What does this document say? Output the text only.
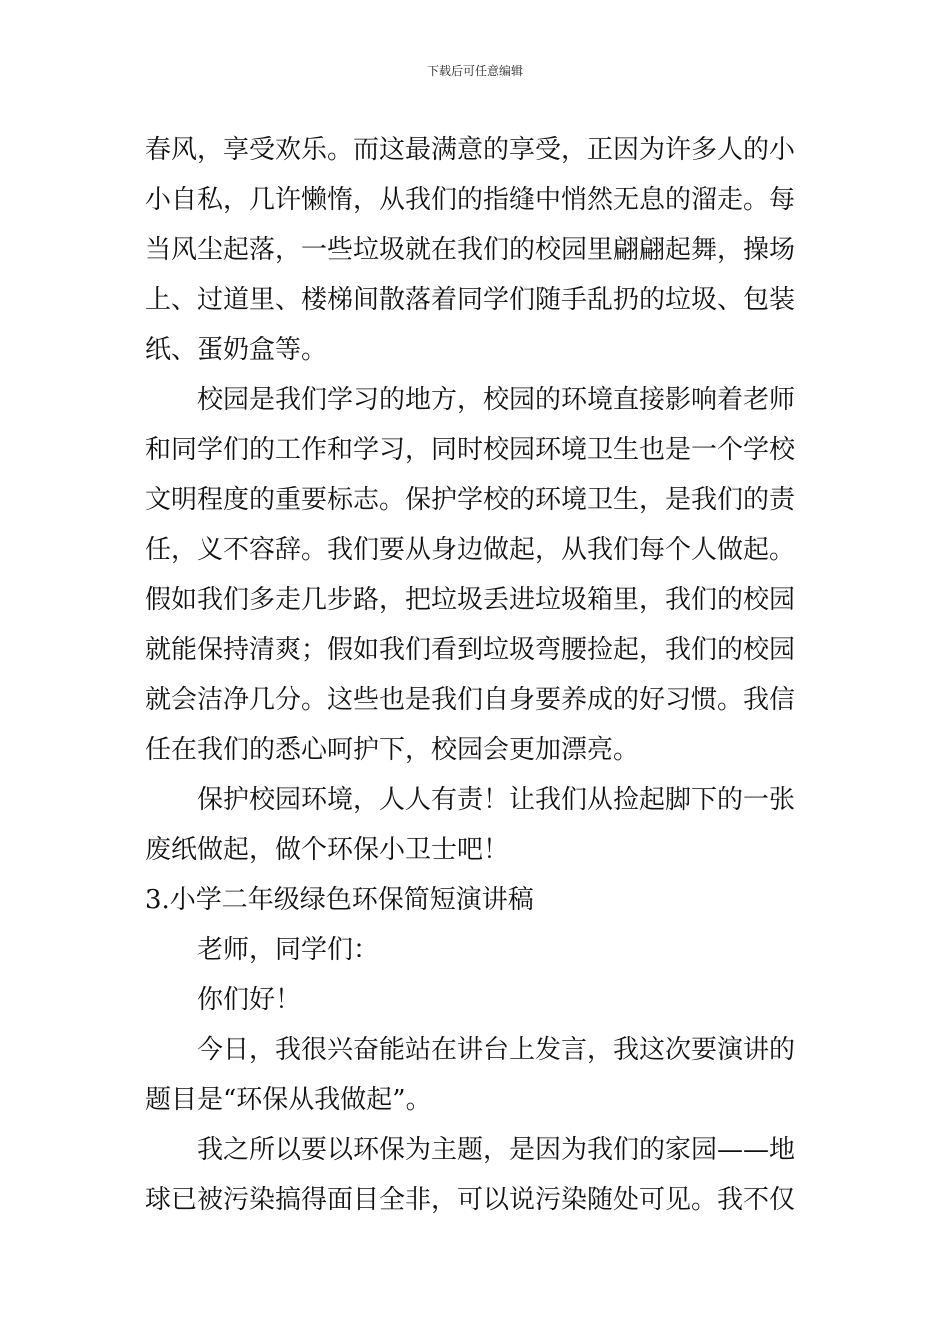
下载后可任意编辑
春风，享受欢乐。而这最满意的享受，正因为许多人的小
小自私，几许懒惰，从我们的指缝中悄然无息的溜走。每
当风尘起落，一些垃圾就在我们的校园里翩翩起舞，操场
上、过道里、楼梯间散落着同学们随手乱扔的垃圾、包装
纸、蛋奶盒等。
校园是我们学习的地方，校园的环境直接影响着老师
和同学们的工作和学习，同时校园环境卫生也是一个学校
文明程度的重要标志。保护学校的环境卫生，是我们的责
任，义不容辞。我们要从身边做起，从我们每个人做起。
假如我们多走几步路，把垃圾丢进垃圾箱里，我们的校园
就能保持清爽；假如我们看到垃圾弯腰捡起，我们的校园
就会洁净几分。这些也是我们自身要养成的好习惯。我信
任在我们的悉心呵护下，校园会更加漂亮。
保护校园环境，人人有责！让我们从捡起脚下的一张
废纸做起，做个环保小卫士吧！
3.小学二年级绿色环保简短演讲稿
老师，同学们：
你们好！
今日，我很兴奋能站在讲台上发言，我这次要演讲的
题目是“环保从我做起”。
我之所以要以环保为主题，是因为我们的家园——地
球已被污染搞得面目全非，可以说污染随处可见。我不仅
